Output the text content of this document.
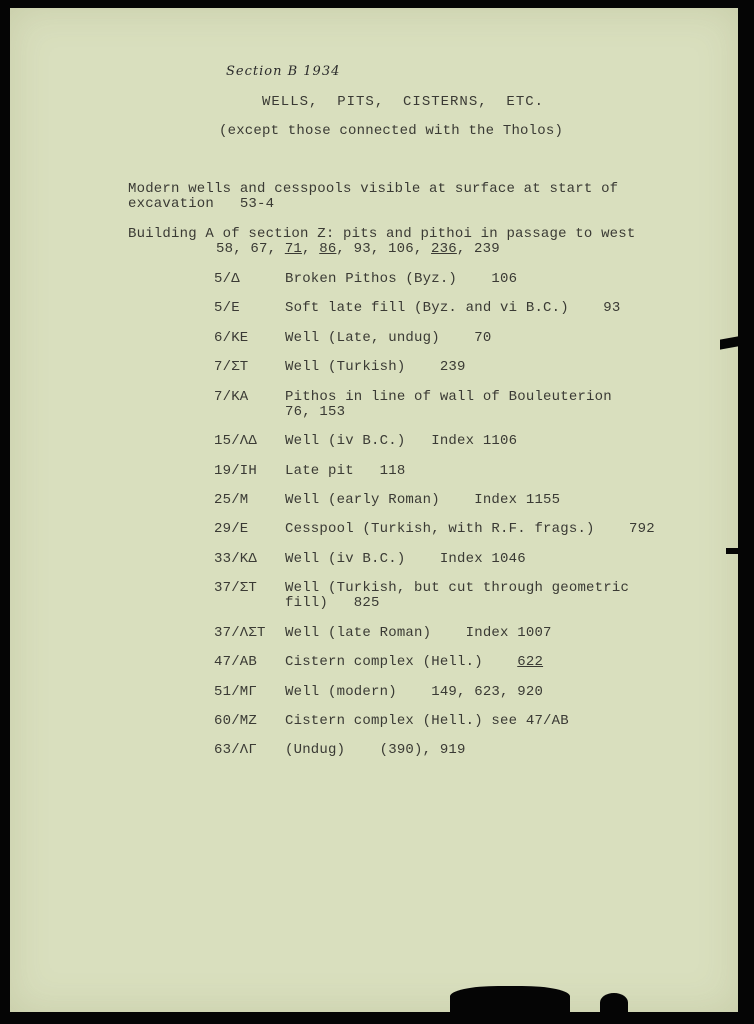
Section B 1934
WELLS,  PITS,  CISTERNS,  ETC.
(except those connected with the Tholos)
Modern wells and cesspools visible at surface at start of
excavation   53-4
Building A of section Z: pits and pithoi in passage to west
58, 67, 71, 86, 93, 106, 236, 239
5/Δ	Broken Pithos (Byz.)    106
5/E	Soft late fill (Byz. and vi B.C.)    93
6/KE	Well (Late, undug)    70
7/ΣT	Well (Turkish)    239
7/KA	Pithos in line of wall of Bouleuterion
76, 153
15/ΛΔ Well (iv B.C.)   Index 1106
19/IH Late pit   118
25/M	Well (early Roman)    Index 1155
29/E	Cesspool (Turkish, with R.F. frags.)    792
33/KΔ Well (iv B.C.)    Index 1046
37/ΣT Well (Turkish, but cut through geometric
fill)   825
37/ΛΣT Well (late Roman)    Index 1007
47/AB Cistern complex (Hell.)    622
51/MΓ Well (modern)    149, 623, 920
60/MZ Cistern complex (Hell.) see 47/AB
63/ΛΓ (Undug)    (390), 919
